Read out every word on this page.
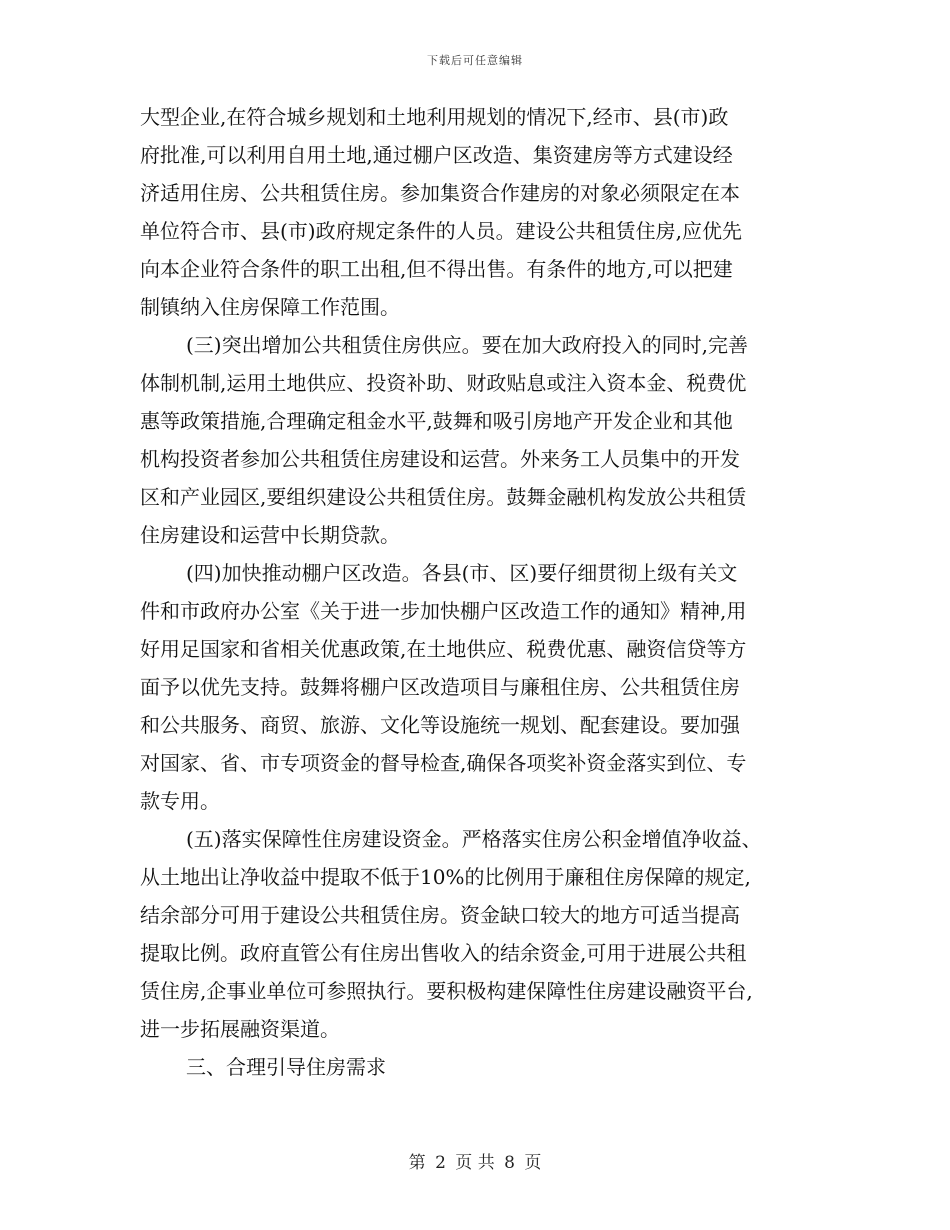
下载后可任意编辑
大型企业,在符合城乡规划和土地利用规划的情况下,经市、县(市)政
府批准,可以利用自用土地,通过棚户区改造、集资建房等方式建设经
济适用住房、公共租赁住房。参加集资合作建房的对象必须限定在本
单位符合市、县(市)政府规定条件的人员。建设公共租赁住房,应优先
向本企业符合条件的职工出租,但不得出售。有条件的地方,可以把建
制镇纳入住房保障工作范围。
(三)突出增加公共租赁住房供应。要在加大政府投入的同时,完善
体制机制,运用土地供应、投资补助、财政贴息或注入资本金、税费优
惠等政策措施,合理确定租金水平,鼓舞和吸引房地产开发企业和其他
机构投资者参加公共租赁住房建设和运营。外来务工人员集中的开发
区和产业园区,要组织建设公共租赁住房。鼓舞金融机构发放公共租赁
住房建设和运营中长期贷款。
(四)加快推动棚户区改造。各县(市、区)要仔细贯彻上级有关文
件和市政府办公室《关于进一步加快棚户区改造工作的通知》精神,用
好用足国家和省相关优惠政策,在土地供应、税费优惠、融资信贷等方
面予以优先支持。鼓舞将棚户区改造项目与廉租住房、公共租赁住房
和公共服务、商贸、旅游、文化等设施统一规划、配套建设。要加强
对国家、省、市专项资金的督导检查,确保各项奖补资金落实到位、专
款专用。
(五)落实保障性住房建设资金。严格落实住房公积金增值净收益、
从土地出让净收益中提取不低于10%的比例用于廉租住房保障的规定,
结余部分可用于建设公共租赁住房。资金缺口较大的地方可适当提高
提取比例。政府直管公有住房出售收入的结余资金,可用于进展公共租
赁住房,企事业单位可参照执行。要积极构建保障性住房建设融资平台,
进一步拓展融资渠道。
三、合理引导住房需求
第 2 页 共 8 页
